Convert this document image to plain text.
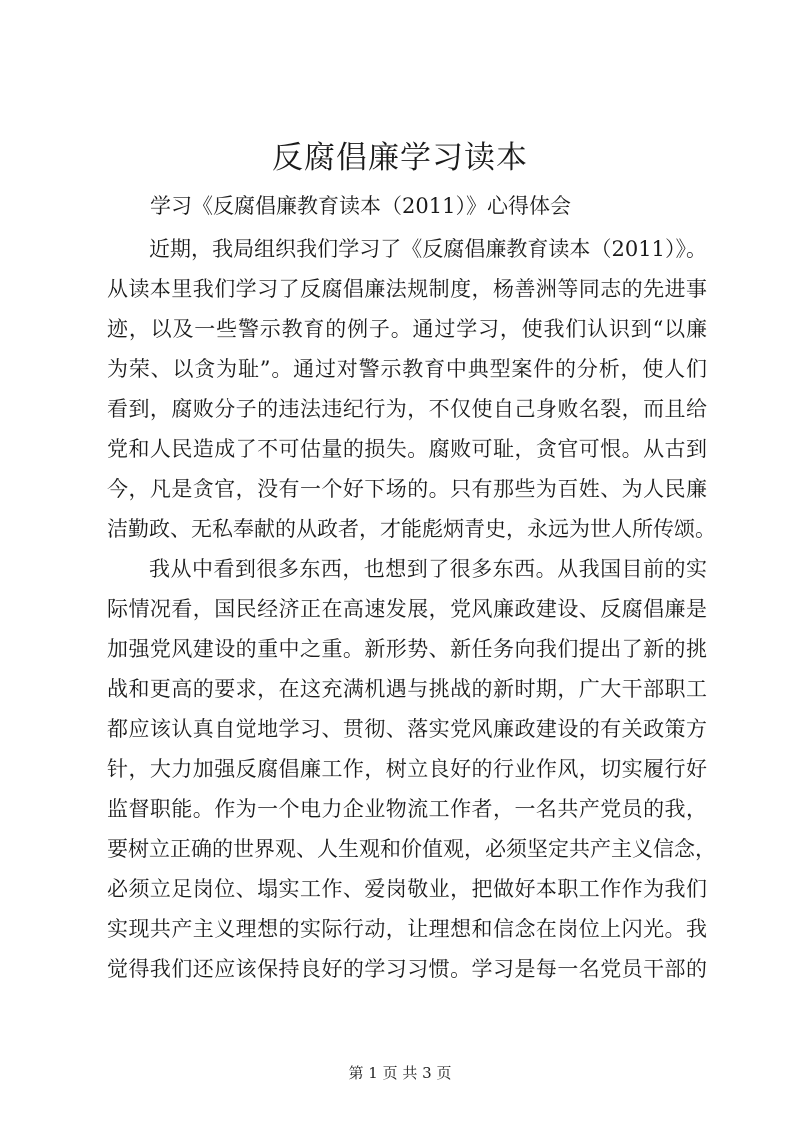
反腐倡廉学习读本

学习《反腐倡廉教育读本（2011）》心得体会

近期，我局组织我们学习了《反腐倡廉教育读本（2011）》。
从读本里我们学习了反腐倡廉法规制度，杨善洲等同志的先进事
迹，以及一些警示教育的例子。通过学习，使我们认识到“以廉
为荣、以贪为耻”。通过对警示教育中典型案件的分析，使人们
看到，腐败分子的违法违纪行为，不仅使自己身败名裂，而且给
党和人民造成了不可估量的损失。腐败可耻，贪官可恨。从古到
今，凡是贪官，没有一个好下场的。只有那些为百姓、为人民廉
洁勤政、无私奉献的从政者，才能彪炳青史，永远为世人所传颂。
我从中看到很多东西，也想到了很多东西。从我国目前的实
际情况看，国民经济正在高速发展，党风廉政建设、反腐倡廉是
加强党风建设的重中之重。新形势、新任务向我们提出了新的挑
战和更高的要求，在这充满机遇与挑战的新时期，广大干部职工
都应该认真自觉地学习、贯彻、落实党风廉政建设的有关政策方
针，大力加强反腐倡廉工作，树立良好的行业作风，切实履行好
监督职能。作为一个电力企业物流工作者，一名共产党员的我，
要树立正确的世界观、人生观和价值观，必须坚定共产主义信念，
必须立足岗位、塌实工作、爱岗敬业，把做好本职工作作为我们
实现共产主义理想的实际行动，让理想和信念在岗位上闪光。我
觉得我们还应该保持良好的学习习惯。学习是每一名党员干部的
第 1 页 共 3 页
